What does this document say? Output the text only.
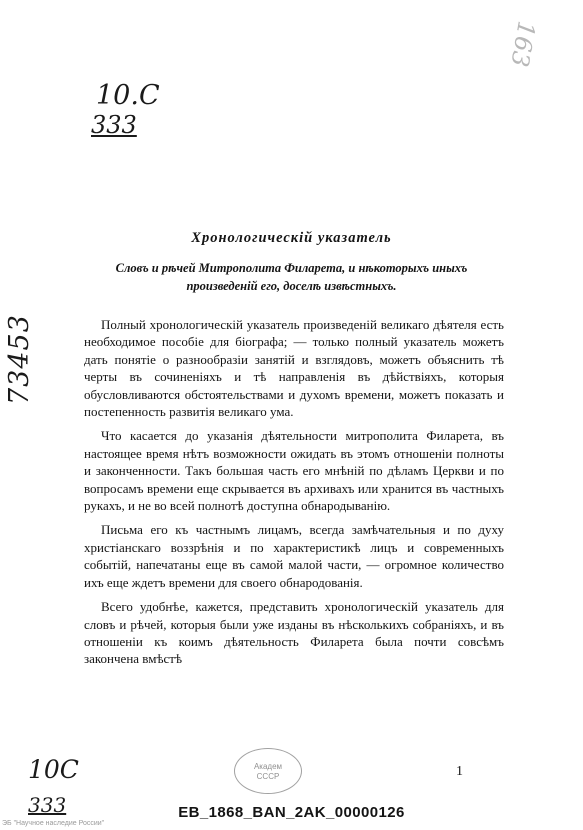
10.C
333
163
73453
Хронологическій указатель
Словъ и рѣчей Митрополита Филарета, и нѣкоторыхъ иныхъ
произведеній его, доселѣ извѣстныхъ.

Полный хронологическій указатель произведеній великаго дѣятеля есть необходимое пособіе для біографа; — только полный указатель можетъ дать понятіе о разнообразіи занятій и взглядовъ, можетъ объяснить тѣ черты въ сочиненіяхъ и тѣ направленія въ дѣйствіяхъ, которыя обусловливаются обстоятельствами и духомъ времени, можетъ показать и постепенность развитія великаго ума.

Что касается до указанія дѣятельности митрополита Филарета, въ настоящее время нѣтъ возможности ожидать въ этомъ отношеніи полноты и законченности. Такъ большая часть его мнѣній по дѣламъ Церкви и по вопросамъ времени еще скрывается въ архивахъ или хранится въ частныхъ рукахъ, и не во всей полнотѣ доступна обнародыванію.

Письма его къ частнымъ лицамъ, всегда замѣчательныя и по духу христіанскаго воззрѣнія и по характеристикѣ лицъ и современныхъ событій, напечатаны еще въ самой малой части, — огромное количество ихъ еще ждетъ времени для своего обнародованія.

Всего удобнѣе, кажется, представить хронологическій указатель для словъ и рѣчей, которыя были уже изданы въ нѣсколькихъ собраніяхъ, и въ отношеніи къ коимъ дѣятельность Филарета была почти совсѣмъ закончена вмѣстѣ

Академ
СССР	1
10C
333	EB_1868_BAN_2AK_00000126
ЭБ "Научное наследие России"
